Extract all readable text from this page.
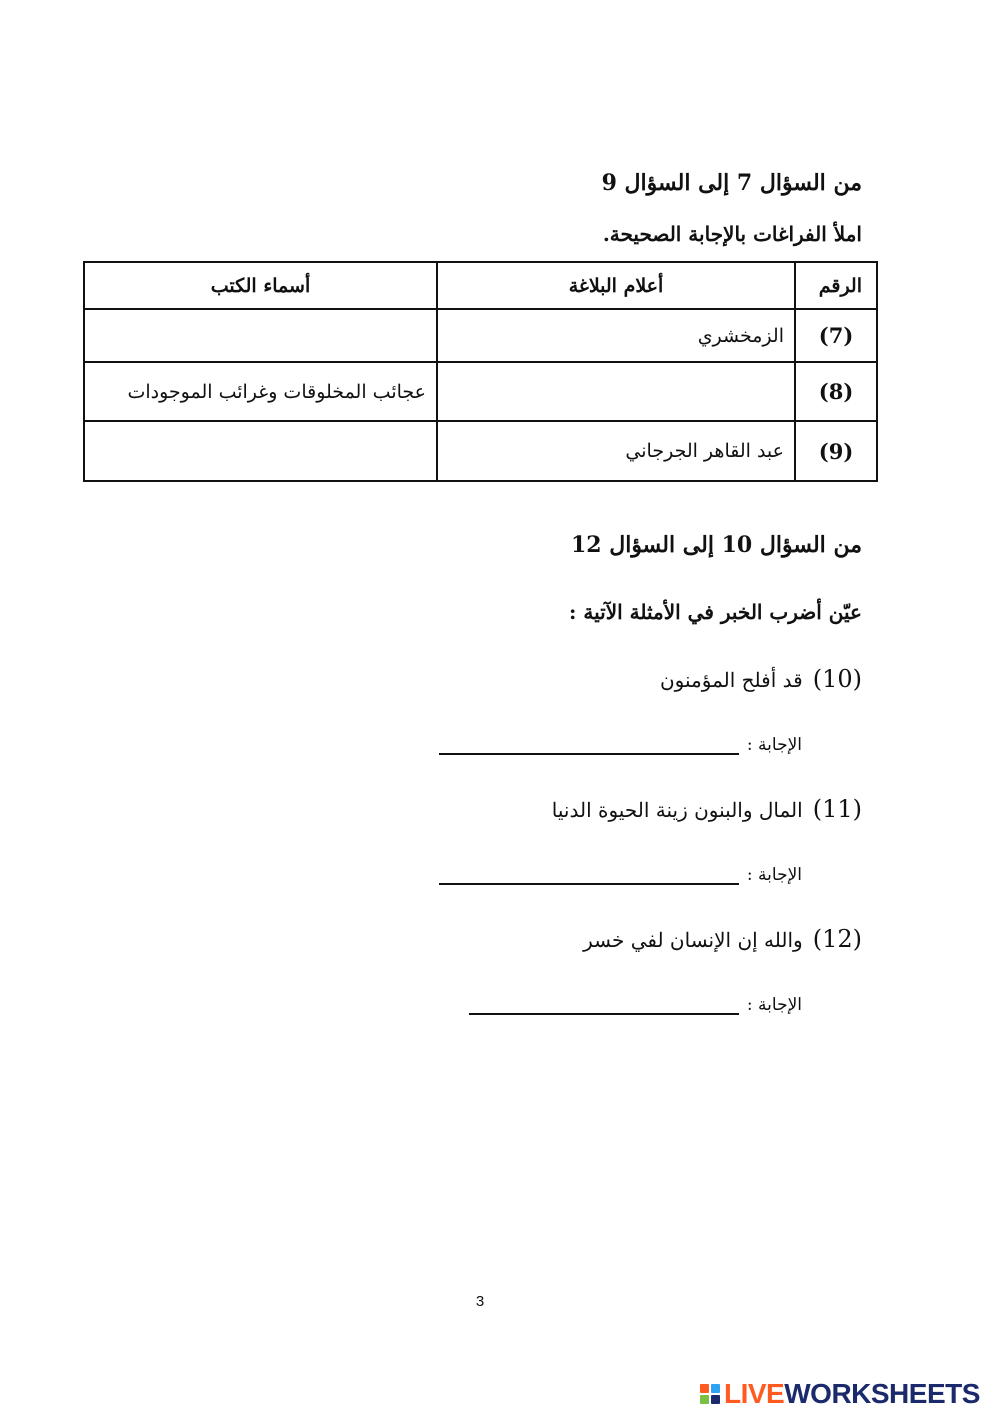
من السؤال 7 إلى السؤال 9
املأ الفراغات بالإجابة الصحيحة.
الرقم	أعلام البلاغة	أسماء الكتب
(7)	الزمخشري	
(8)		عجائب المخلوقات وغرائب الموجودات
(9)	عبد القاهر الجرجاني	
من السؤال 10 إلى السؤال 12
عيّن أضرب الخبر في الأمثلة الآتية :
(10)قد أفلح المؤمنون
الإجابة :
(11)المال والبنون زينة الحيوة الدنيا
الإجابة :
(12)والله إن الإنسان لفي خسر
الإجابة :
3
LIVE WORKSHEETS
